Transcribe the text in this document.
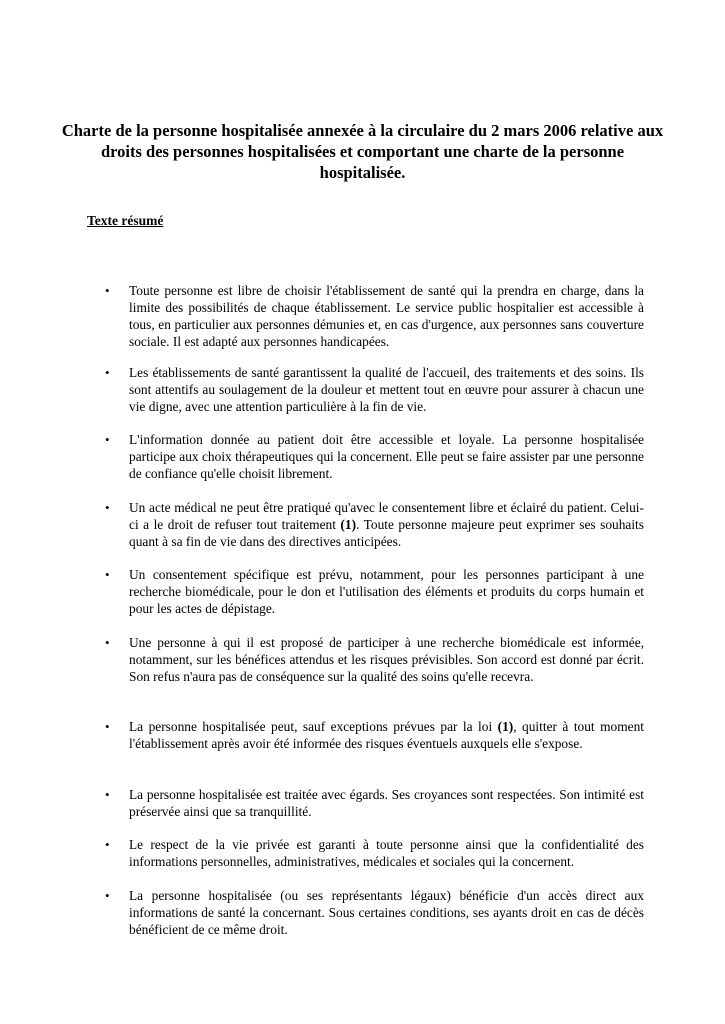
Charte de la personne hospitalisée annexée à la circulaire du 2 mars 2006 relative aux droits des personnes hospitalisées et comportant une charte de la personne hospitalisée.
Texte résumé
•	Toute personne est libre de choisir l'établissement de santé qui la prendra en charge, dans la limite des possibilités de chaque établissement. Le service public hospitalier est accessible à tous, en particulier aux personnes démunies et, en cas d'urgence, aux personnes sans couverture sociale. Il est adapté aux personnes handicapées.
•	Les établissements de santé garantissent la qualité de l'accueil, des traitements et des soins. Ils sont attentifs au soulagement de la douleur et mettent tout en œuvre pour assurer à chacun une vie digne, avec une attention particulière à la fin de vie.
•	L'information donnée au patient doit être accessible et loyale. La personne hospitalisée participe aux choix thérapeutiques qui la concernent. Elle peut se faire assister par une personne de confiance qu'elle choisit librement.
•	Un acte médical ne peut être pratiqué qu'avec le consentement libre et éclairé du patient. Celui-ci a le droit de refuser tout traitement (1). Toute personne majeure peut exprimer ses souhaits quant à sa fin de vie dans des directives anticipées.
•	Un consentement spécifique est prévu, notamment, pour les personnes participant à une recherche biomédicale, pour le don et l'utilisation des éléments et produits du corps humain et pour les actes de dépistage.
•	Une personne à qui il est proposé de participer à une recherche biomédicale est informée, notamment, sur les bénéfices attendus et les risques prévisibles. Son accord est donné par écrit. Son refus n'aura pas de conséquence sur la qualité des soins qu'elle recevra.
•	La personne hospitalisée peut, sauf exceptions prévues par la loi (1), quitter à tout moment l'établissement après avoir été informée des risques éventuels auxquels elle s'expose.
•	La personne hospitalisée est traitée avec égards. Ses croyances sont respectées. Son intimité est préservée ainsi que sa tranquillité.
•	Le respect de la vie privée est garanti à toute personne ainsi que la confidentialité des informations personnelles, administratives, médicales et sociales qui la concernent.
•	La personne hospitalisée (ou ses représentants légaux) bénéficie d'un accès direct aux informations de santé la concernant. Sous certaines conditions, ses ayants droit en cas de décès bénéficient de ce même droit.
